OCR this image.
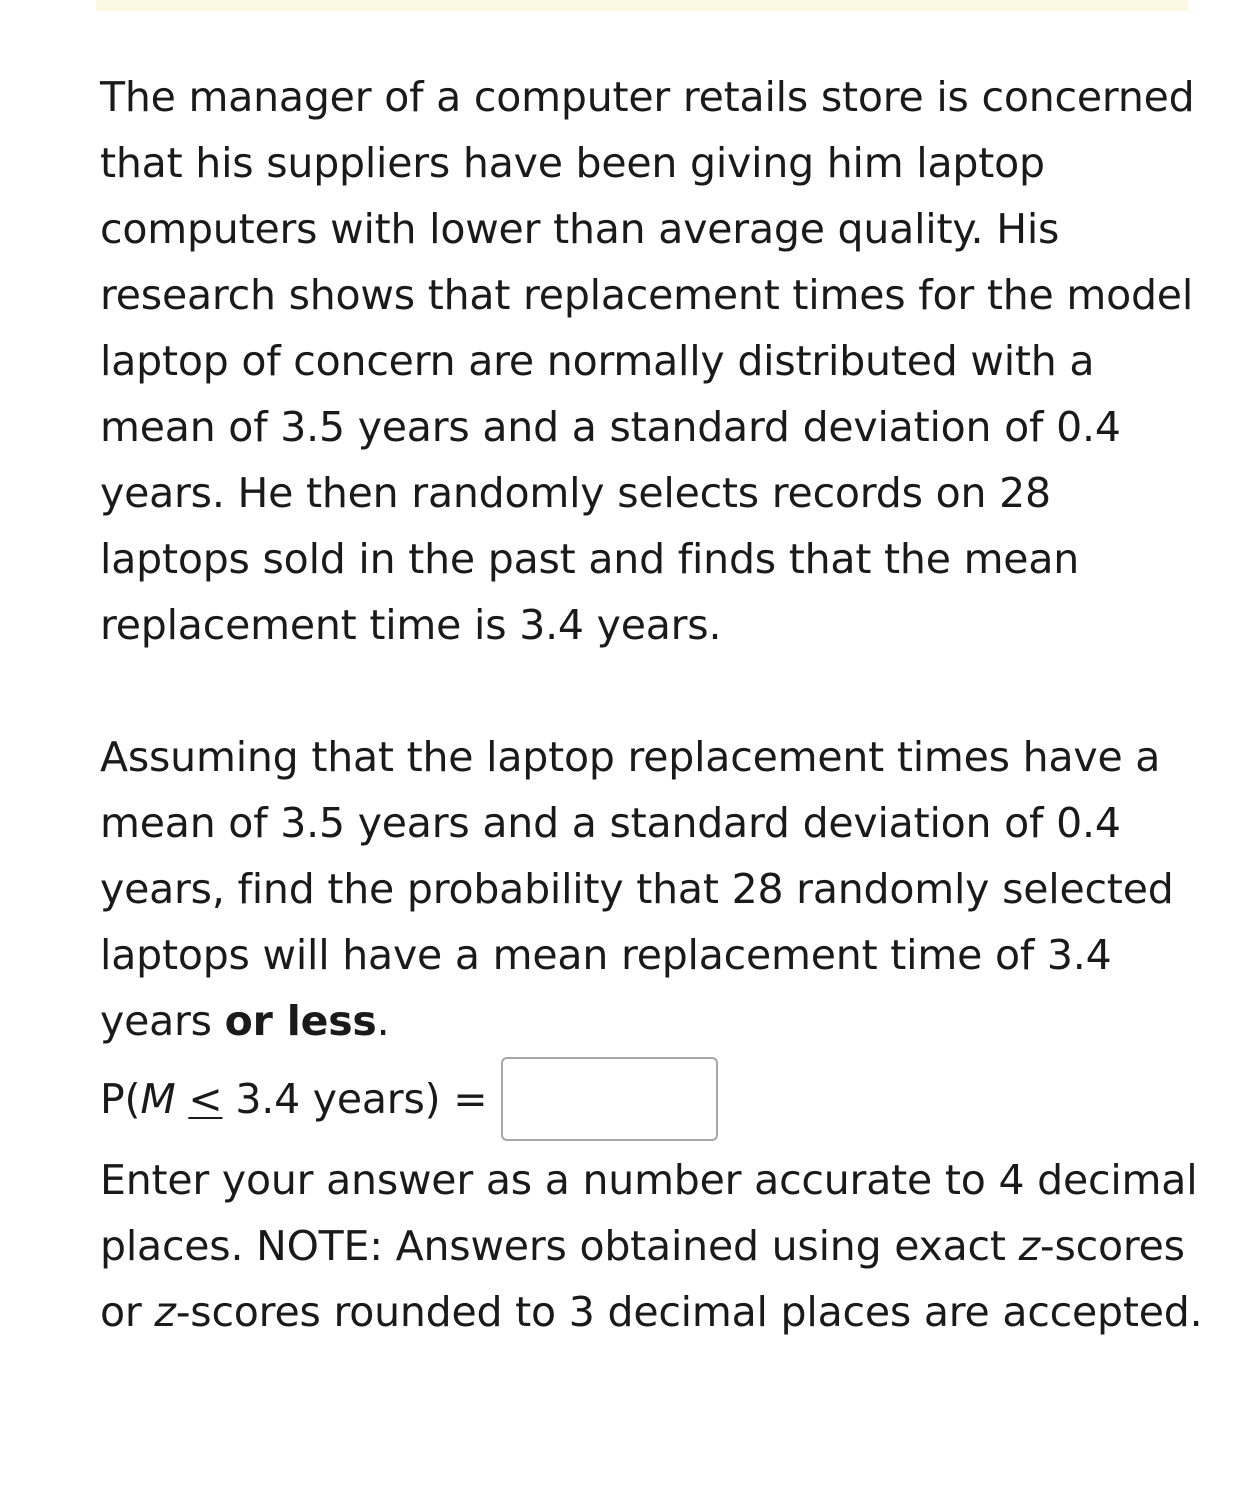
The manager of a computer retails store is concerned that his suppliers have been giving him laptop computers with lower than average quality. His research shows that replacement times for the model laptop of concern are normally distributed with a mean of 3.5 years and a standard deviation of 0.4 years. He then randomly selects records on 28 laptops sold in the past and finds that the mean replacement time is 3.4 years.

Assuming that the laptop replacement times have a mean of 3.5 years and a standard deviation of 0.4 years, find the probability that 28 randomly selected laptops will have a mean replacement time of 3.4 years or less.

P(M ≤ 3.4 years) =

Enter your answer as a number accurate to 4 decimal places. NOTE: Answers obtained using exact z-scores or z-scores rounded to 3 decimal places are accepted.
